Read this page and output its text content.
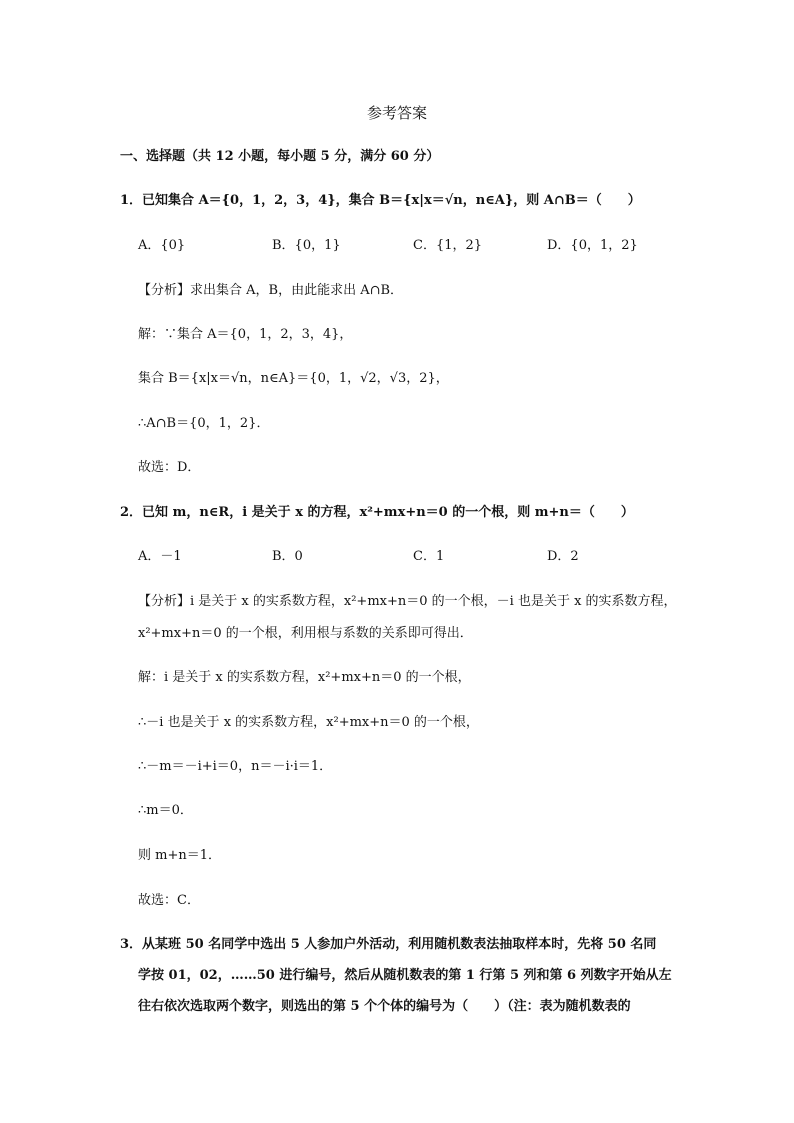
参考答案
一、选择题（共 12 小题，每小题 5 分，满分 60 分）
1．已知集合 A＝{0，1，2，3，4}，集合 B＝{x|x＝√n，n∈A}，则 A∩B＝（　　）
A．{0}	B．{0，1}	C．{1，2}	D．{0，1，2}
【分析】求出集合 A，B，由此能求出 A∩B．
解：∵集合 A＝{0，1，2，3，4}，
集合 B＝{x|x＝√n，n∈A}＝{0，1，√2，√3，2}，
∴A∩B＝{0，1，2}．
故选：D．
2．已知 m，n∈R，i 是关于 x 的方程，x²+mx+n＝0 的一个根，则 m+n＝（　　）
A．－1	B．0	C．1	D．2
【分析】i 是关于 x 的实系数方程，x²+mx+n＝0 的一个根，－i 也是关于 x 的实系数方程，
x²+mx+n＝0 的一个根，利用根与系数的关系即可得出．
解：i 是关于 x 的实系数方程，x²+mx+n＝0 的一个根，
∴－i 也是关于 x 的实系数方程，x²+mx+n＝0 的一个根，
∴－m＝－i+i＝0，n＝－i·i＝1．
∴m＝0．
则 m+n＝1．
故选：C．
3．从某班 50 名同学中选出 5 人参加户外活动，利用随机数表法抽取样本时，先将 50 名同
学按 01，02，……50 进行编号，然后从随机数表的第 1 行第 5 列和第 6 列数字开始从左
往右依次选取两个数字，则选出的第 5 个个体的编号为（　　）（注：表为随机数表的
